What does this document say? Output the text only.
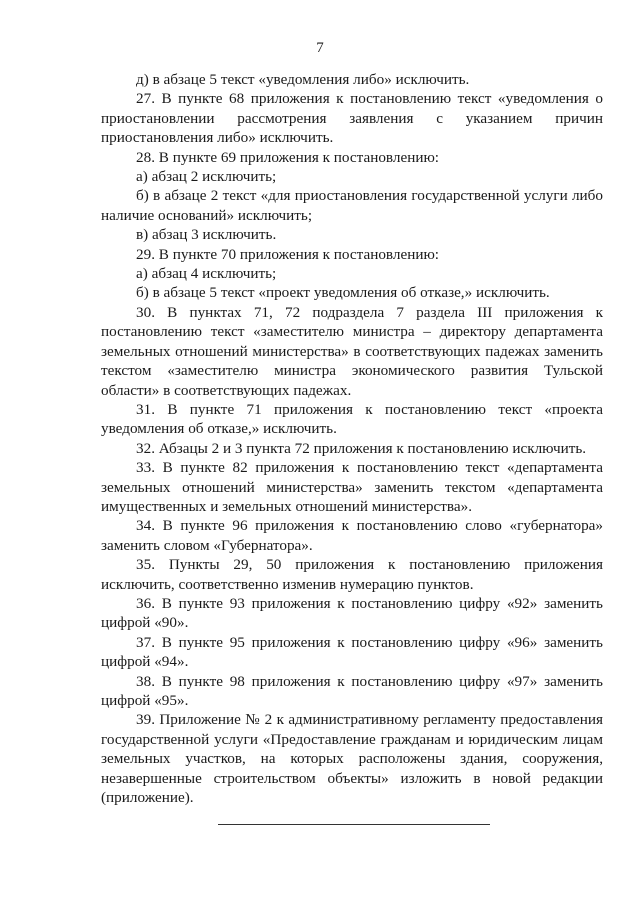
7

д) в абзаце 5 текст «уведомления либо» исключить.

27. В пункте 68 приложения к постановлению текст «уведомления о приостановлении рассмотрения заявления с указанием причин приостановления либо» исключить.

28. В пункте 69 приложения к постановлению:

а) абзац 2 исключить;

б) в абзаце 2 текст «для приостановления государственной услуги либо наличие оснований» исключить;

в) абзац 3 исключить.

29. В пункте 70 приложения к постановлению:

а) абзац 4 исключить;

б) в абзаце 5 текст «проект уведомления об отказе,» исключить.

30. В пунктах 71, 72 подраздела 7 раздела III приложения к постановлению текст «заместителю министра – директору департамента земельных отношений министерства» в соответствующих падежах заменить текстом «заместителю министра экономического развития Тульской области» в соответствующих падежах.

31. В пункте 71 приложения к постановлению текст «проекта уведомления об отказе,» исключить.

32. Абзацы 2 и 3 пункта 72 приложения к постановлению исключить.

33. В пункте 82 приложения к постановлению текст «департамента земельных отношений министерства» заменить текстом «департамента имущественных и земельных отношений министерства».

34. В пункте 96 приложения к постановлению слово «губернатора» заменить словом «Губернатора».

35. Пункты 29, 50 приложения к постановлению приложения исключить, соответственно изменив нумерацию пунктов.

36. В пункте 93 приложения к постановлению цифру «92» заменить цифрой «90».

37. В пункте 95 приложения к постановлению цифру «96» заменить цифрой «94».

38. В пункте 98 приложения к постановлению цифру «97» заменить цифрой «95».

39. Приложение № 2 к административному регламенту предоставления государственной услуги «Предоставление гражданам и юридическим лицам земельных участков, на которых расположены здания, сооружения, незавершенные строительством объекты» изложить в новой редакции (приложение).
